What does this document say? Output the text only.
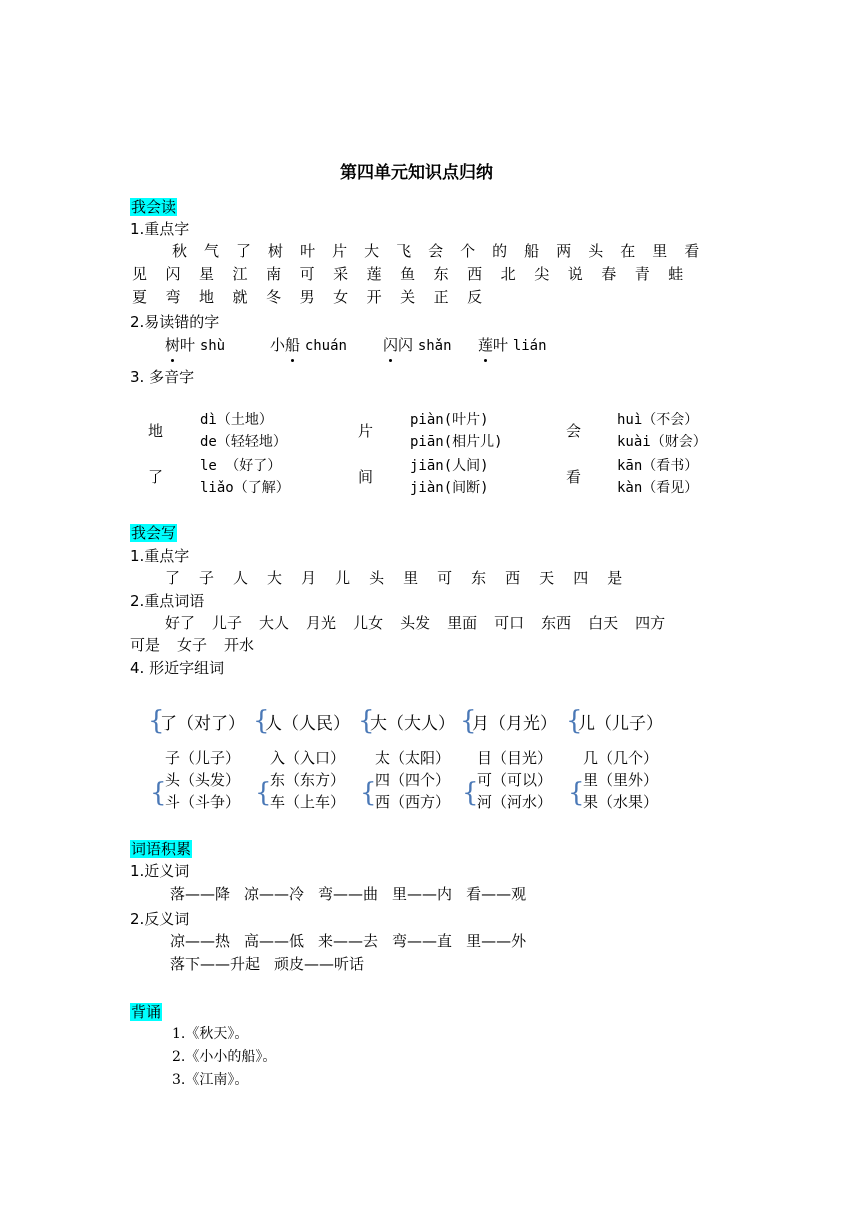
第四单元知识点归纳
我会读
1.重点字
秋 气 了 树 叶 片 大 飞 会 个 的 船 两 头 在 里 看
见 闪 星 江 南 可 采 莲 鱼 东 西 北 尖 说 春 青 蛙
夏 弯 地 就 冬 男 女 开 关 正 反
2.易读错的字
树叶 shù	小船 chuán 闪闪 shǎn 莲叶 lián
3. 多音字
地
dì（土地）
de（轻轻地）
片
piàn(叶片)
piān(相片儿)
会
huì（不会）
kuài（财会）
了
le （好了）
liǎo（了解）
间
jiān(人间)
jiàn(间断)
看
kān（看书）
kàn（看见）
我会写
1.重点字
了 子 人 大 月 儿 头 里 可 东 西 天 四 是
2.重点词语
好了 儿子 大人 月光 儿女 头发 里面 可口 东西 白天 四方
可是 女子 开水
4. 形近字组词
{
了（对了）
子（儿子）
{
头（头发）
斗（斗争）
{
人（人民）
入（入口）
{
东（东方）
车（上车）
{
大（大人）
太（太阳）
{
四（四个）
西（西方）
{
月（月光）
目（目光）
{
可（可以）
河（河水）
{
儿（儿子）
几（几个）
{
里（里外）
果（水果）
词语积累
1.近义词
落——降 凉——冷 弯——曲 里——内 看——观
2.反义词
凉——热 高——低 来——去 弯——直 里——外
落下——升起 顽皮——听话
背诵
1.《秋天》。
2.《小小的船》。
3.《江南》。
